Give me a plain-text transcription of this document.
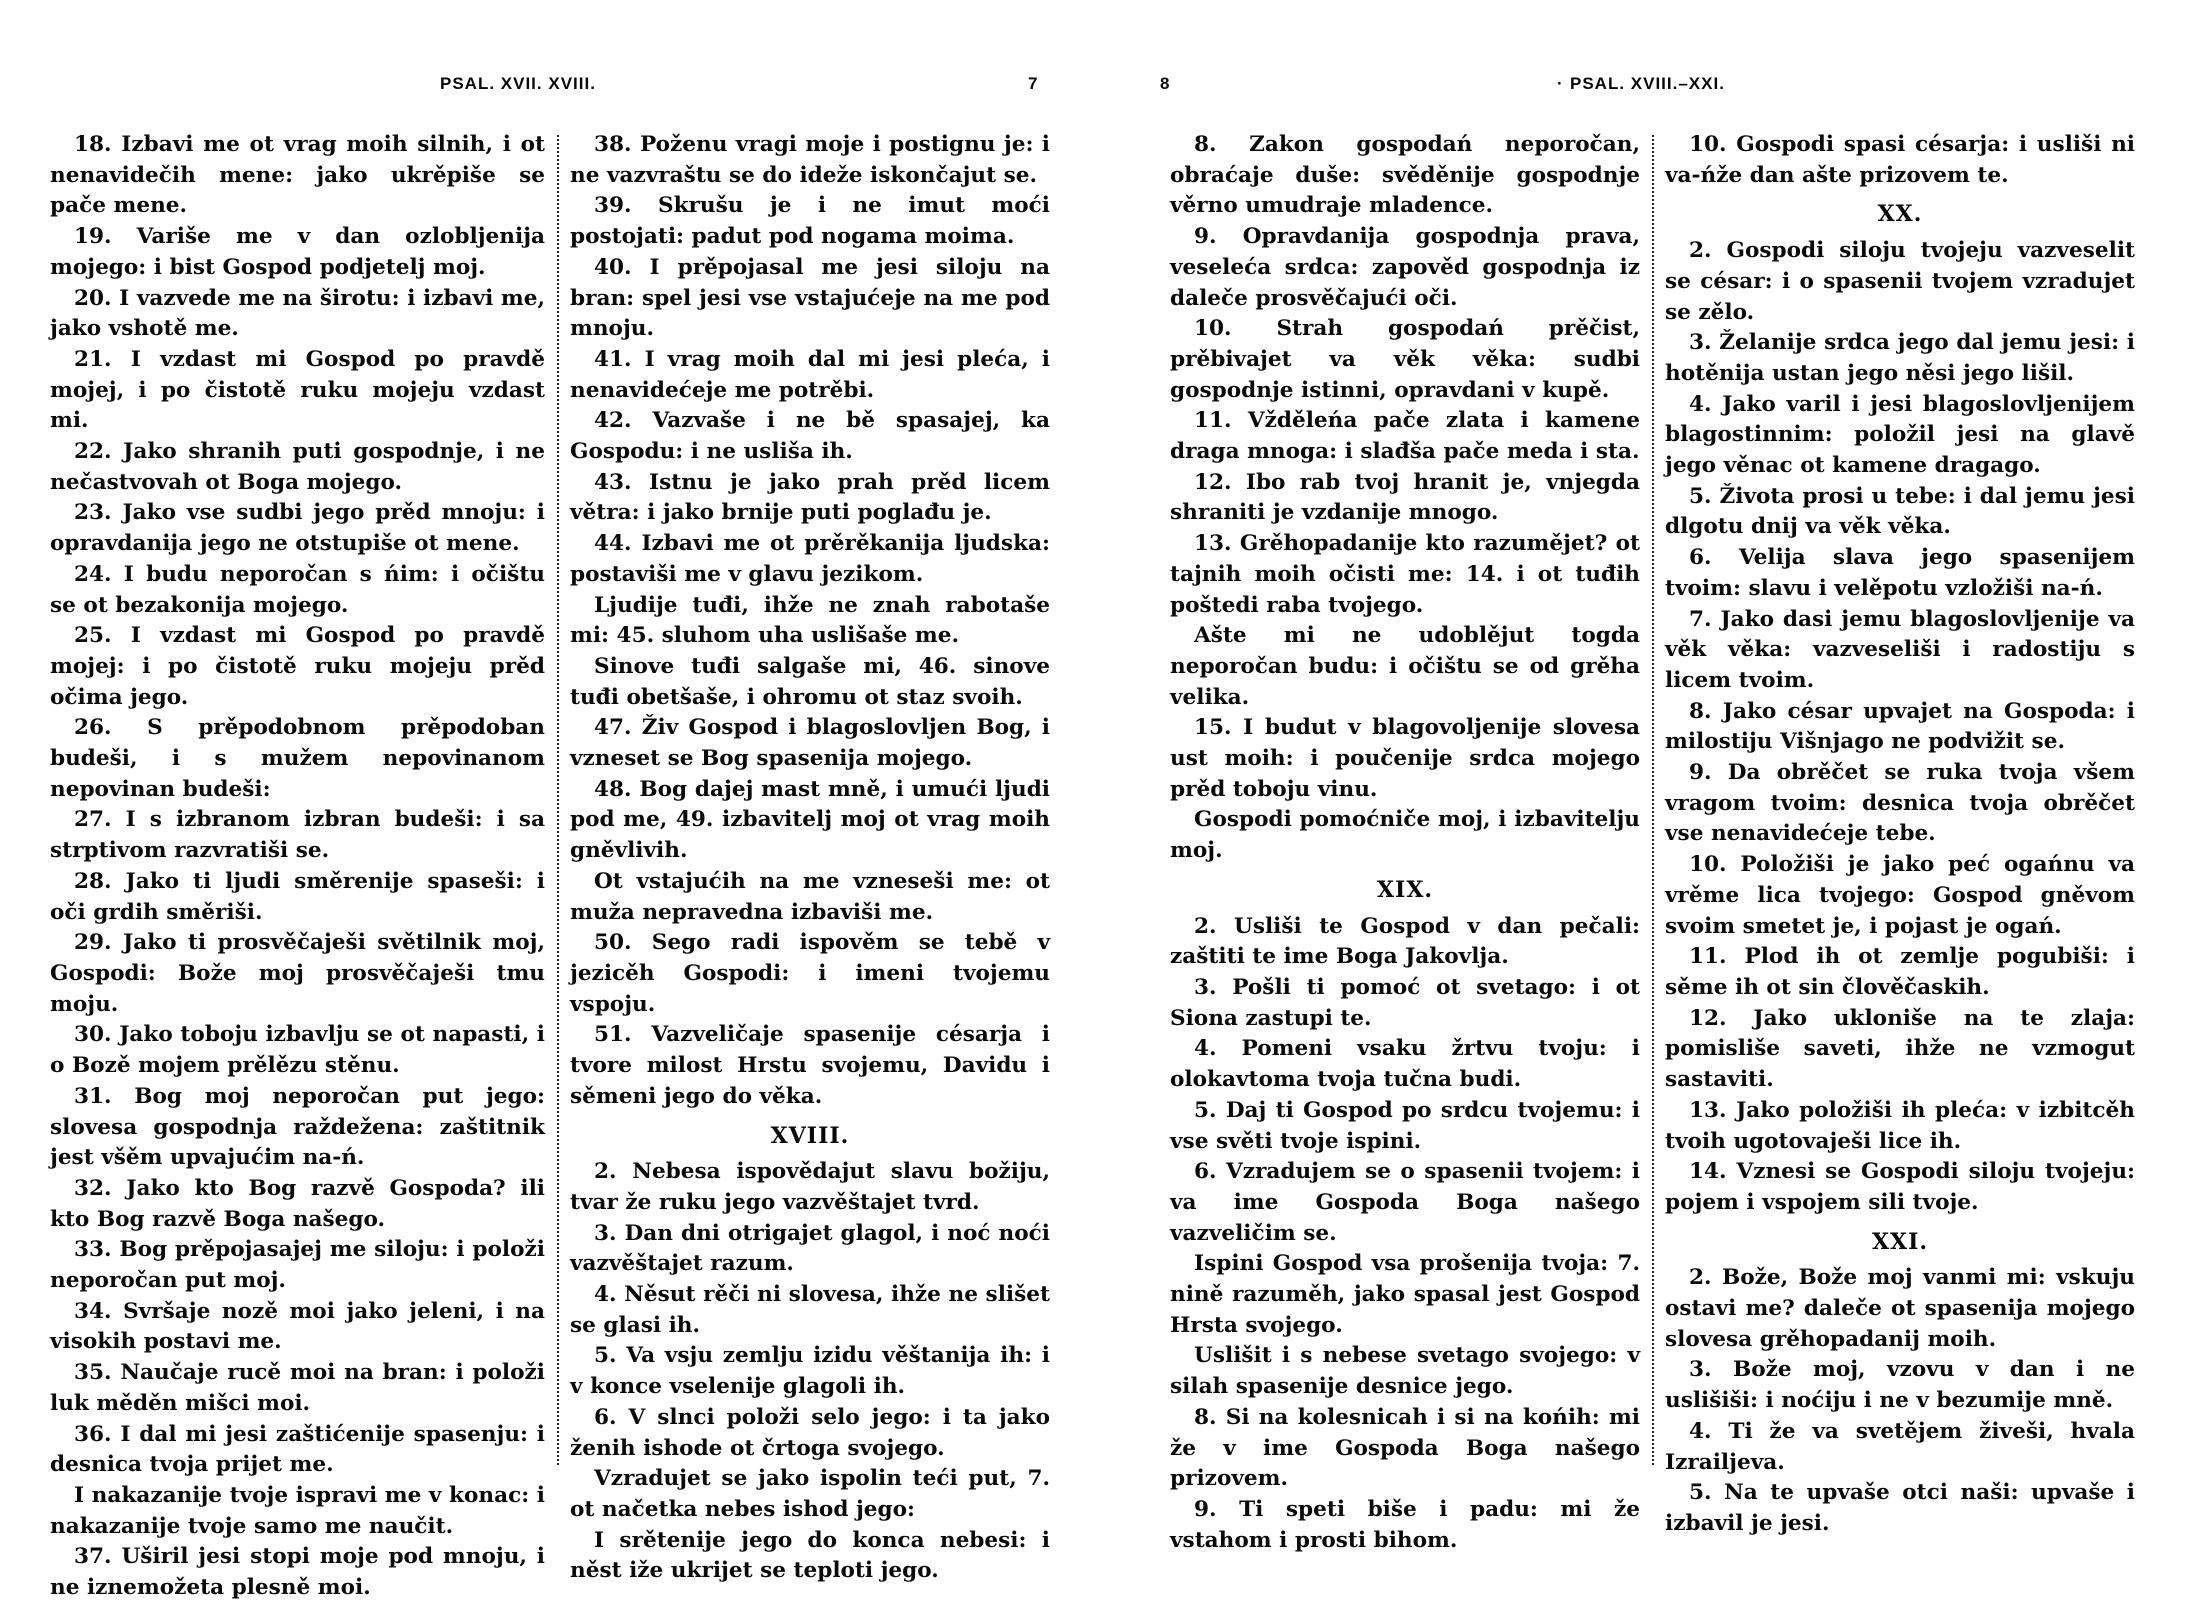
PSAL. XVII. XVIII.	7

18. Izbavi me ot vrag moih silnih, i ot nenavidečih mene: jako ukrěpiše se pače mene.

19. Variše me v dan ozlobljenija mojego: i bist Gospod podjetelj moj.

20. I vazvede me na širotu: i izbavi me, jako vshotě me.

21. I vzdast mi Gospod po pravdě mojej, i po čistotě ruku mojeju vzdast mi.

22. Jako shranih puti gospodnje, i ne nečastvovah ot Boga mojego.

23. Jako vse sudbi jego prěd mnoju: i opravdanija jego ne otstupiše ot mene.

24. I budu neporočan s ńim: i očištu se ot bezakonija mojego.

25. I vzdast mi Gospod po pravdě mojej: i po čistotě ruku mojeju prěd očima jego.

26. S prěpodobnom prěpodoban budeši, i s mužem nepovinanom nepovinan budeši:

27. I s izbranom izbran budeši: i sa strptivom razvratiši se.

28. Jako ti ljudi směrenije spaseši: i oči grdih směriši.

29. Jako ti prosvěčaješi světilnik moj, Gospodi: Bože moj prosvěčaješi tmu moju.

30. Jako toboju izbavlju se ot napasti, i o Bozě mojem prělězu stěnu.

31. Bog moj neporočan put jego: slovesa gospodnja raždežena: zaštitnik jest všěm upvajućim na-ń.

32. Jako kto Bog razvě Gospoda? ili kto Bog razvě Boga našego.

33. Bog prěpojasajej me siloju: i položi neporočan put moj.

34. Svršaje nozě moi jako jeleni, i na visokih postavi me.

35. Naučaje rucě moi na bran: i položi luk měděn mišci moi.

36. I dal mi jesi zaštićenije spasenju: i desnica tvoja prijet me.

I nakazanije tvoje ispravi me v konac: i nakazanije tvoje samo me naučit.

37. Uširil jesi stopi moje pod mnoju, i ne iznemožeta plesně moi.

38. Poženu vragi moje i postignu je: i ne vazvraštu se do ideže iskončajut se.

39. Skrušu je i ne imut moći postojati: padut pod nogama moima.

40. I prěpojasal me jesi siloju na bran: spel jesi vse vstajućeje na me pod mnoju.

41. I vrag moih dal mi jesi pleća, i nenavidećeje me potrěbi.

42. Vazvaše i ne bě spasajej, ka Gospodu: i ne usliša ih.

43. Istnu je jako prah prěd licem větra: i jako brnije puti poglađu je.

44. Izbavi me ot prěrěkanija ljudska: postaviši me v glavu jezikom.

Ljudije tuđi, ihže ne znah rabotaše mi: 45. sluhom uha uslišaše me.

Sinove tuđi salgaše mi, 46. sinove tuđi obetšaše, i ohromu ot staz svoih.

47. Živ Gospod i blagoslovljen Bog, i vzneset se Bog spasenija mojego.

48. Bog dajej mast mně, i umući ljudi pod me, 49. izbavitelj moj ot vrag moih gněvlivih.

Ot vstajućih na me vzneseši me: ot muža nepravedna izbaviši me.

50. Sego radi ispověm se tebě v jezicěh Gospodi: i imeni tvojemu vspoju.

51. Vazveličaje spasenije césarja i tvore milost Hrstu svojemu, Davidu i sěmeni jego do věka.

XVIII.

2. Nebesa ispovědajut slavu božiju, tvar že ruku jego vazvěštajet tvrd.

3. Dan dni otrigajet glagol, i noć noći vazvěštajet razum.

4. Něsut rěči ni slovesa, ihže ne slišet se glasi ih.

5. Va vsju zemlju izidu věštanija ih: i v konce vselenije glagoli ih.

6. V slnci položi selo jego: i ta jako ženih ishode ot črtoga svojego.

Vzradujet se jako ispolin teći put, 7. ot načetka nebes ishod jego:

I srětenije jego do konca nebesi: i něst iže ukrijet se teploti jego.

8	· PSAL. XVIII.–XXI.

8. Zakon gospodań neporočan, obraćaje duše: svěděnije gospodnje věrno umudraje mladence.

9. Opravdanija gospodnja prava, veseleća srdca: zapověd gospodnja iz daleče prosvěčajući oči.

10. Strah gospodań prěčist, prěbivajet va věk věka: sudbi gospodnje istinni, opravdani v kupě.

11. Vžděleńa pače zlata i kamene draga mnoga: i slađša pače meda i sta.

12. Ibo rab tvoj hranit je, vnjegda shraniti je vzdanije mnogo.

13. Grěhopadanije kto razumějet? ot tajnih moih očisti me: 14. i ot tuđih poštedi raba tvojego.

Ašte mi ne udoblějut togda neporočan budu: i očištu se od grěha velika.

15. I budut v blagovoljenije slovesa ust moih: i poučenije srdca mojego prěd toboju vinu.

Gospodi pomoćniče moj, i izbavitelju moj.

XIX.

2. Usliši te Gospod v dan pečali: zaštiti te ime Boga Jakovlja.

3. Pošli ti pomoć ot svetago: i ot Siona zastupi te.

4. Pomeni vsaku žrtvu tvoju: i olokavtoma tvoja tučna budi.

5. Daj ti Gospod po srdcu tvojemu: i vse světi tvoje ispini.

6. Vzradujem se o spasenii tvojem: i va ime Gospoda Boga našego vazveličim se.

Ispini Gospod vsa prošenija tvoja: 7. nině razuměh, jako spasal jest Gospod Hrsta svojego.

Uslišit i s nebese svetago svojego: v silah spasenije desnice jego.

8. Si na kolesnicah i si na końih: mi že v ime Gospoda Boga našego prizovem.

9. Ti speti biše i padu: mi že vstahom i prosti bihom.

10. Gospodi spasi césarja: i usliši ni va-ńže dan ašte prizovem te.

XX.

2. Gospodi siloju tvojeju vazveselit se césar: i o spasenii tvojem vzradujet se zělo.

3. Želanije srdca jego dal jemu jesi: i hotěnija ustan jego něsi jego lišil.

4. Jako varil i jesi blagoslovljenijem blagostinnim: položil jesi na glavě jego věnac ot kamene dragago.

5. Života prosi u tebe: i dal jemu jesi dlgotu dnij va věk věka.

6. Velija slava jego spasenijem tvoim: slavu i velěpotu vzložiši na-ń.

7. Jako dasi jemu blagoslovljenije va věk věka: vazveseliši i radostiju s licem tvoim.

8. Jako césar upvajet na Gospoda: i milostiju Višnjago ne podvižit se.

9. Da obrěčet se ruka tvoja všem vragom tvoim: desnica tvoja obrěčet vse nenavidećeje tebe.

10. Položiši je jako peć ogańnu va vrěme lica tvojego: Gospod gněvom svoim smetet je, i pojast je ogań.

11. Plod ih ot zemlje pogubiši: i sěme ih ot sin člověčaskih.

12. Jako ukloniše na te zlaja: pomisliše saveti, ihže ne vzmogut sastaviti.

13. Jako položiši ih pleća: v izbitcěh tvoih ugotovaješi lice ih.

14. Vznesi se Gospodi siloju tvojeju: pojem i vspojem sili tvoje.

XXI.

2. Bože, Bože moj vanmi mi: vskuju ostavi me? daleče ot spasenija mojego slovesa grěhopadanij moih.

3. Bože moj, vzovu v dan i ne uslišiši: i noćiju i ne v bezumije mně.

4. Ti že va svetějem živeši, hvala Izrailjeva.

5. Na te upvaše otci naši: upvaše i izbavil je jesi.
